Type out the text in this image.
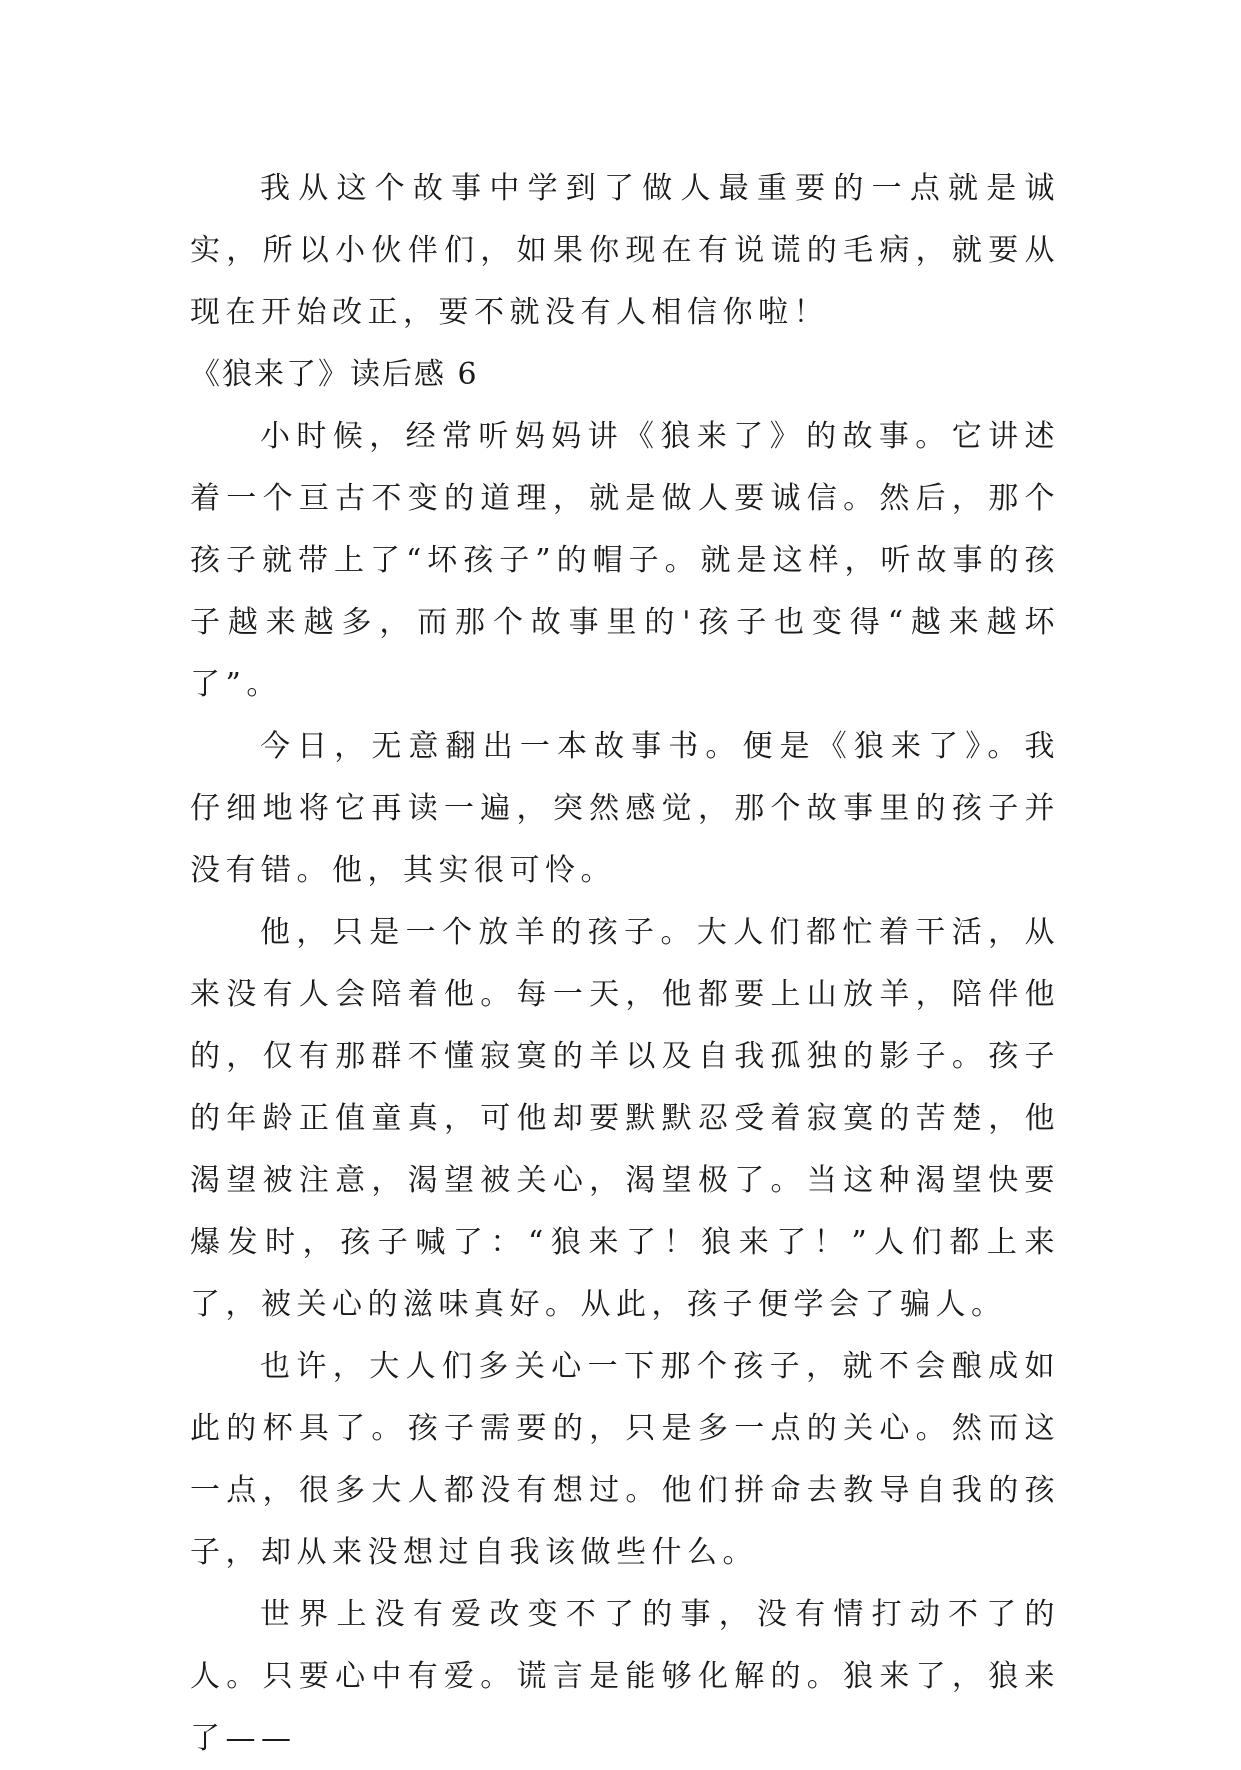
我从这个故事中学到了做人最重要的一点就是诚实，所以小伙伴们，如果你现在有说谎的毛病，就要从现在开始改正，要不就没有人相信你啦！

《狼来了》读后感 6

小时候，经常听妈妈讲《狼来了》的故事。它讲述着一个亘古不变的道理，就是做人要诚信。然后，那个孩子就带上了“坏孩子”的帽子。就是这样，听故事的孩子越来越多，而那个故事里的'孩子也变得“越来越坏了”。

今日，无意翻出一本故事书。便是《狼来了》。我仔细地将它再读一遍，突然感觉，那个故事里的孩子并没有错。他，其实很可怜。

他，只是一个放羊的孩子。大人们都忙着干活，从来没有人会陪着他。每一天，他都要上山放羊，陪伴他的，仅有那群不懂寂寞的羊以及自我孤独的影子。孩子的年龄正值童真，可他却要默默忍受着寂寞的苦楚，他渴望被注意，渴望被关心，渴望极了。当这种渴望快要爆发时，孩子喊了：“狼来了！狼来了！”人们都上来了，被关心的滋味真好。从此，孩子便学会了骗人。

也许，大人们多关心一下那个孩子，就不会酿成如此的杯具了。孩子需要的，只是多一点的关心。然而这一点，很多大人都没有想过。他们拼命去教导自我的孩子，却从来没想过自我该做些什么。

世界上没有爱改变不了的事，没有情打动不了的人。只要心中有爱。谎言是能够化解的。狼来了，狼来了——
